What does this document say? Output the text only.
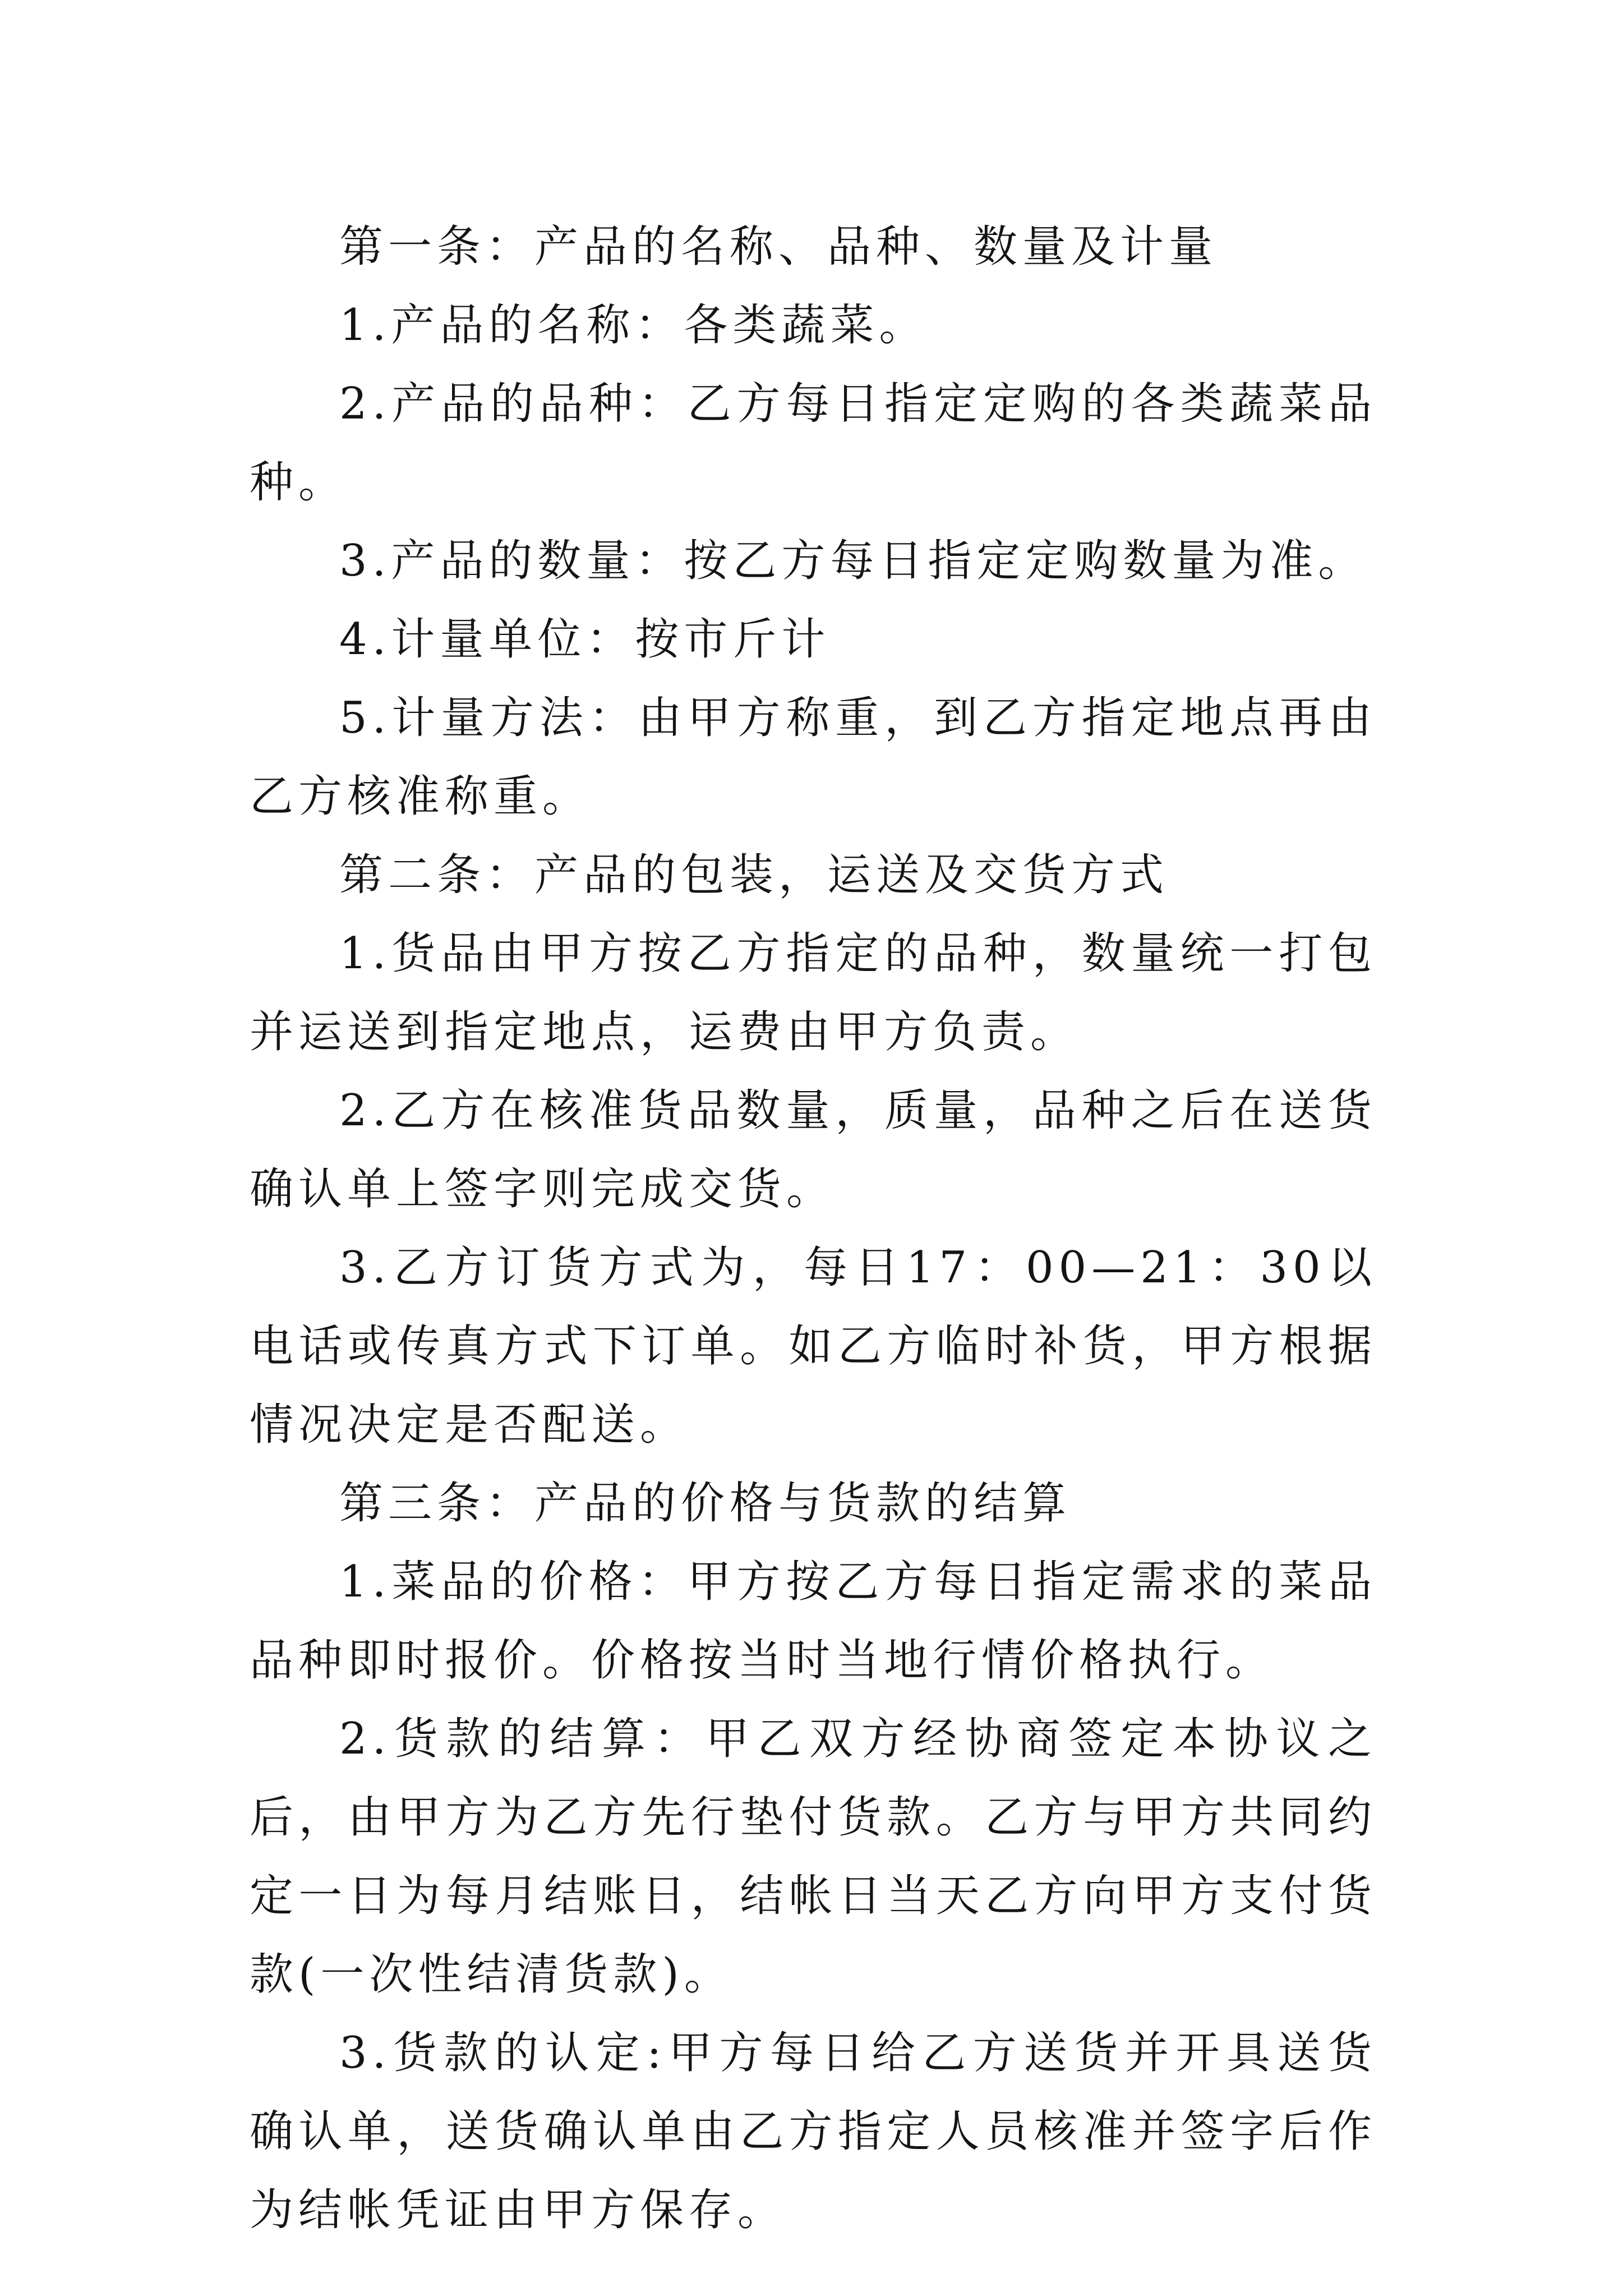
第一条：产品的名称、品种、数量及计量

1.产品的名称：各类蔬菜。

2.产品的品种：乙方每日指定定购的各类蔬菜品种。

3.产品的数量：按乙方每日指定定购数量为准。

4.计量单位：按市斤计

5.计量方法：由甲方称重，到乙方指定地点再由乙方核准称重。

第二条：产品的包装，运送及交货方式

1.货品由甲方按乙方指定的品种，数量统一打包并运送到指定地点，运费由甲方负责。

2.乙方在核准货品数量，质量，品种之后在送货确认单上签字则完成交货。

3.乙方订货方式为，每日17：00—21：30以电话或传真方式下订单。如乙方临时补货，甲方根据情况决定是否配送。

第三条：产品的价格与货款的结算

1.菜品的价格：甲方按乙方每日指定需求的菜品品种即时报价。价格按当时当地行情价格执行。

2.货款的结算：甲乙双方经协商签定本协议之后，由甲方为乙方先行垫付货款。乙方与甲方共同约定一日为每月结账日，结帐日当天乙方向甲方支付货款(一次性结清货款)。

3.货款的认定:甲方每日给乙方送货并开具送货确认单，送货确认单由乙方指定人员核准并签字后作为结帐凭证由甲方保存。
